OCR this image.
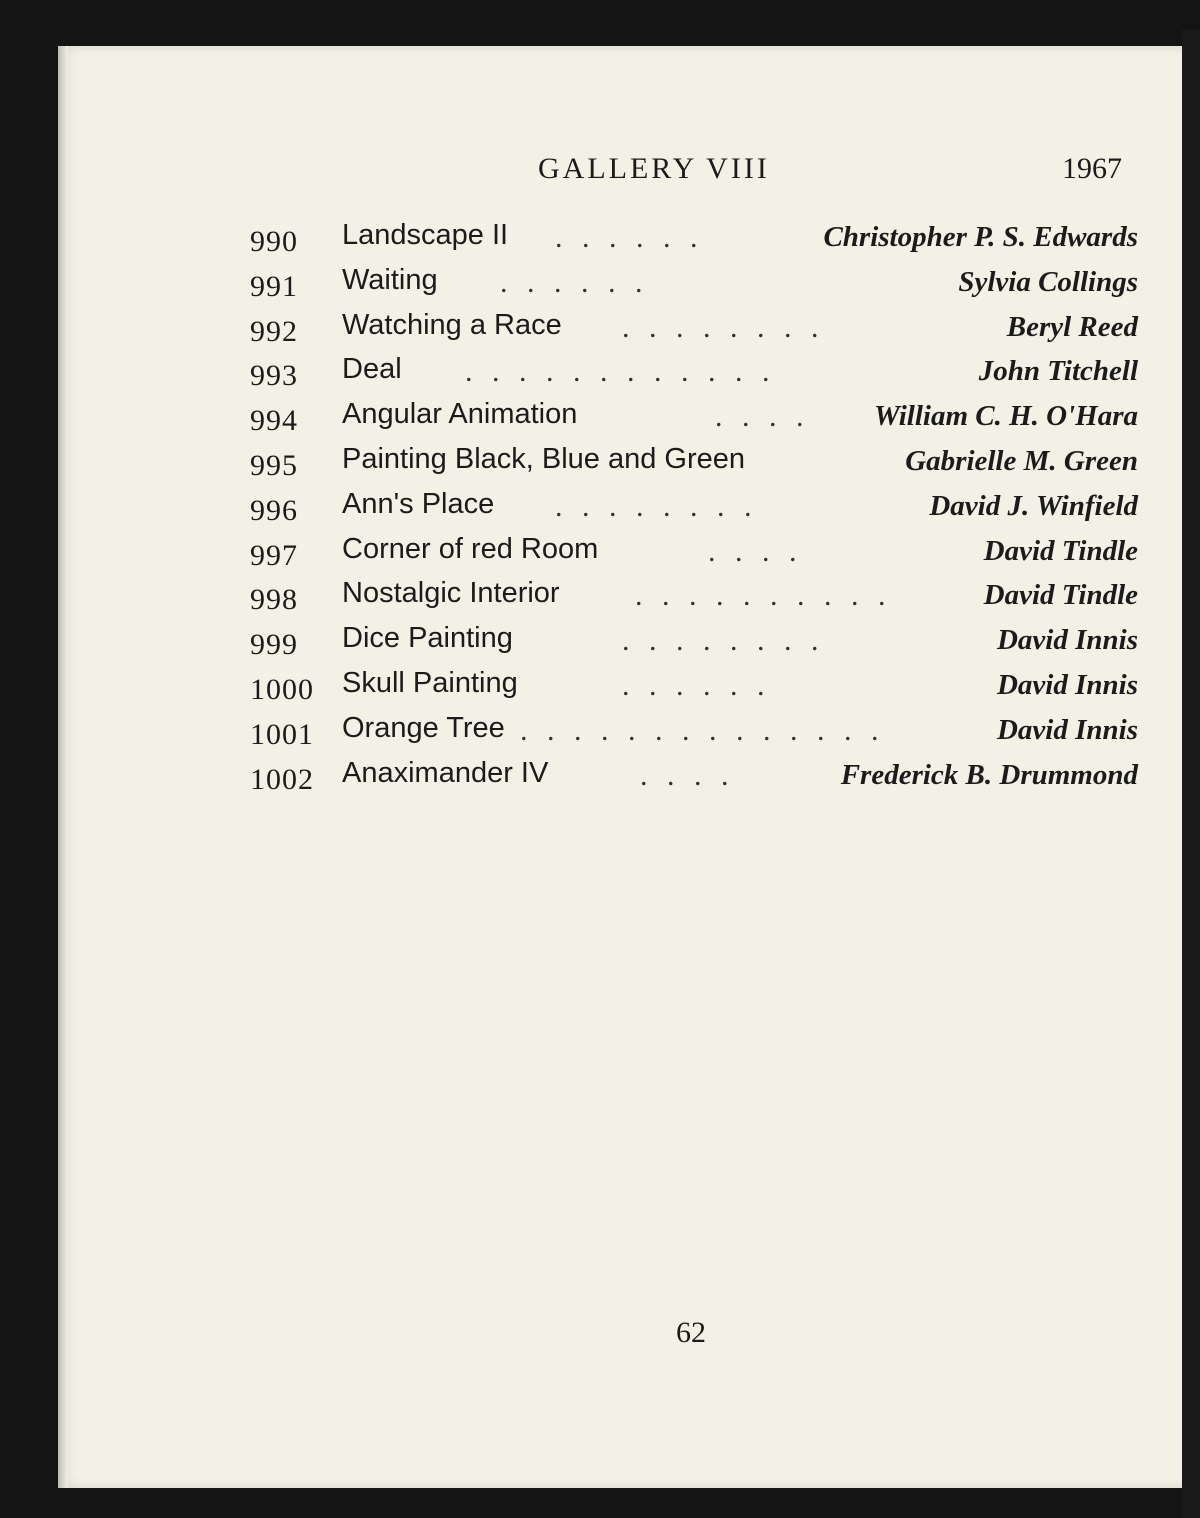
GALLERY VIII	1967
990	Landscape II . . . . . .	Christopher P. S. Edwards
991	Waiting . . . . . .	Sylvia Collings
992	Watching a Race . . . . . . . .	Beryl Reed
993	Deal . . . . . . . . . . . .	John Titchell
994	Angular Animation	. . . . William C. H. O'Hara
995	Painting Black, Blue and Green	Gabrielle M. Green
996	Ann's Place . . . . . . . .	David J. Winfield
997	Corner of red Room	. . . .	David Tindle
998	Nostalgic Interior	. . . . . . . . . .	David Tindle
999	Dice Painting	. . . . . . . .	David Innis
1000 Skull Painting	. . . . . .	David Innis
1001 Orange Tree . . . . . . . . . . . . . .	David Innis
1002 Anaximander IV	. . . .	Frederick B. Drummond
62
